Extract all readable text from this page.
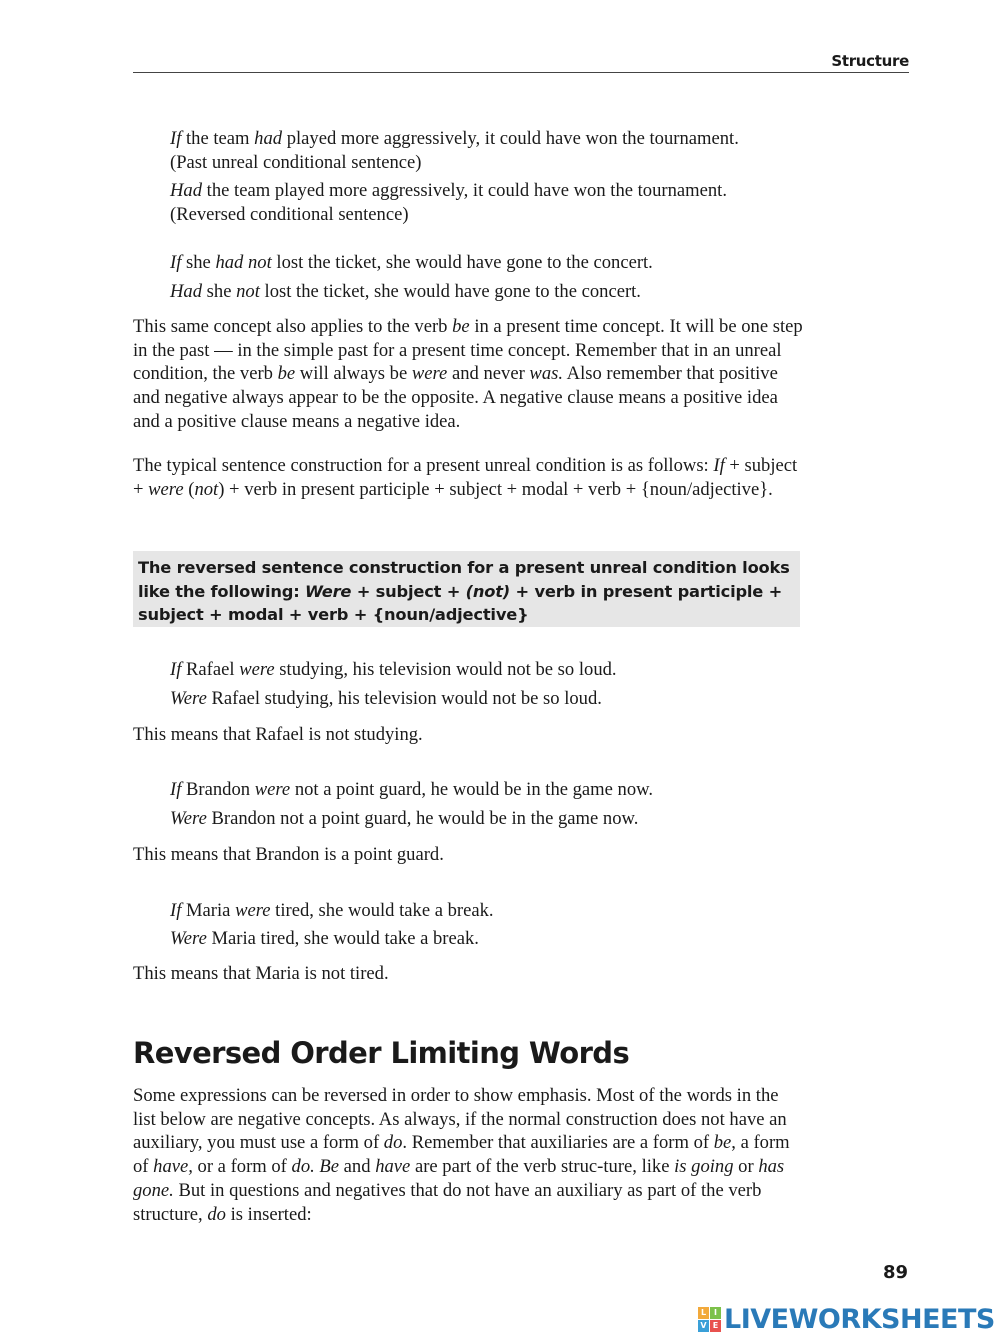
Structure
If the team had played more aggressively, it could have won the tournament.
(Past unreal conditional sentence)
Had the team played more aggressively, it could have won the tournament.
(Reversed conditional sentence)
If she had not lost the ticket, she would have gone to the concert.
Had she not lost the ticket, she would have gone to the concert.

This same concept also applies to the verb be in a present time concept. It will be one step in the past — in the simple past for a present time concept. Remember that in an unreal condition, the verb be will always be were and never was. Also remember that positive and negative always appear to be the opposite. A negative clause means a positive idea and a positive clause means a negative idea.

The typical sentence construction for a present unreal condition is as follows: If + subject + were (not) + verb in present participle + subject + modal + verb + {noun/adjective}.

The reversed sentence construction for a present unreal condition looks like the following: Were + subject + (not) + verb in present participle + subject + modal + verb + {noun/adjective}
If Rafael were studying, his television would not be so loud.
Were Rafael studying, his television would not be so loud.
This means that Rafael is not studying.
If Brandon were not a point guard, he would be in the game now.
Were Brandon not a point guard, he would be in the game now.
This means that Brandon is a point guard.
If Maria were tired, she would take a break.
Were Maria tired, she would take a break.
This means that Maria is not tired.
Reversed Order Limiting Words

Some expressions can be reversed in order to show emphasis. Most of the words in the list below are negative concepts. As always, if the normal construction does not have an auxiliary, you must use a form of do. Remember that auxiliaries are a form of be, a form of have, or a form of do. Be and have are part of the verb struc-ture, like is going or has gone. But in questions and negatives that do not have an auxiliary as part of the verb structure, do is inserted:

89
L I
V E LIVEWORKSHEETS
